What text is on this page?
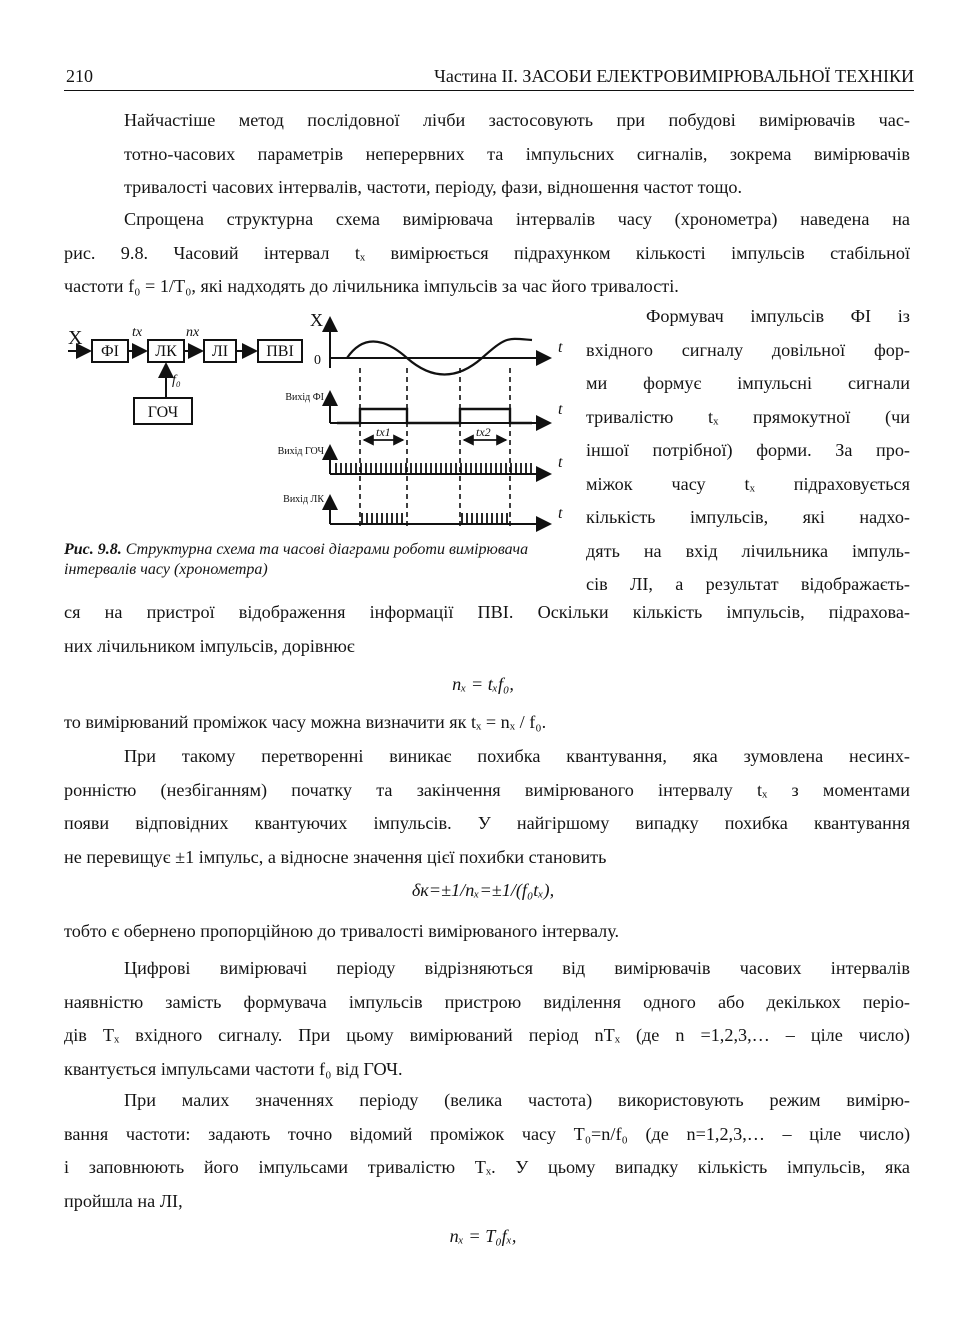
210	Частина ІІ. ЗАСОБИ ЕЛЕКТРОВИМІРЮВАЛЬНОЇ ТЕХНІКИ

Найчастіше метод послідовної лічби застосовують при побудові вимірювачів час-
тотно-часових параметрів неперервних та імпульсних сигналів, зокрема вимірювачів
тривалості часових інтервалів, частоти, періоду, фази, відношення частот тощо.

Спрощена структурна схема вимірювача інтервалів часу (хронометра) наведена на
рис. 9.8. Часовий інтервал tₓ вимірюється підрахунком кількості імпульсів стабільної
частоти f₀ = 1/T₀, які надходять до лічильника імпульсів за час його тривалості.

X	tx	nx
ФІ ЛК ЛІ ПВІ
ГОЧ
f₀
X
0
t
t
t
t
Вихід ФІ
Вихід ГОЧ
Вихід ЛК
tx1	tx2
Рис. 9.8. Структурна схема та часові діаграми роботи вимірювача інтервалів часу (хронометра)
Формувач імпульсів ФІ із
вхідного сигналу довільної фор-
ми формує імпульсні сигнали
тривалістю tₓ прямокутної (чи
іншої потрібної) форми. За про-
міжок часу tₓ підраховується
кількість імпульсів, які надхо-
дять на вхід лічильника імпуль-
сів ЛІ, а результат відображаєть-

ся на пристрої відображення інформації ПВІ. Оскільки кількість імпульсів, підрахова-
них лічильником імпульсів, дорівнює

nₓ = tₓf₀,

то вимірюваний проміжок часу можна визначити як tₓ = nₓ / f₀.

При такому перетворенні виникає похибка квантування, яка зумовлена несинх-
ронністю (незбіганням) початку та закінчення вимірюваного інтервалу tₓ з моментами
появи відповідних квантуючих імпульсів. У найгіршому випадку похибка квантування
не перевищує ±1 імпульс, а відносне значення цієї похибки становить

δк=±1/nₓ=±1/(f₀tₓ),

тобто є обернено пропорційною до тривалості вимірюваного інтервалу.

Цифрові вимірювачі періоду відрізняються від вимірювачів часових інтервалів
наявністю замість формувача імпульсів пристрою виділення одного або декількох періо-
дів Tₓ вхідного сигналу. При цьому вимірюваний період nTₓ (де n =1,2,3,… – ціле число)
квантується імпульсами частоти f₀ від ГОЧ.

При малих значеннях періоду (велика частота) використовують режим вимірю-
вання частоти: задають точно відомий проміжок часу T₀=n/f₀ (де n=1,2,3,… – ціле число)
і заповнюють його імпульсами тривалістю Tₓ. У цьому випадку кількість імпульсів, яка
пройшла на ЛІ,

nₓ = T₀fₓ,
